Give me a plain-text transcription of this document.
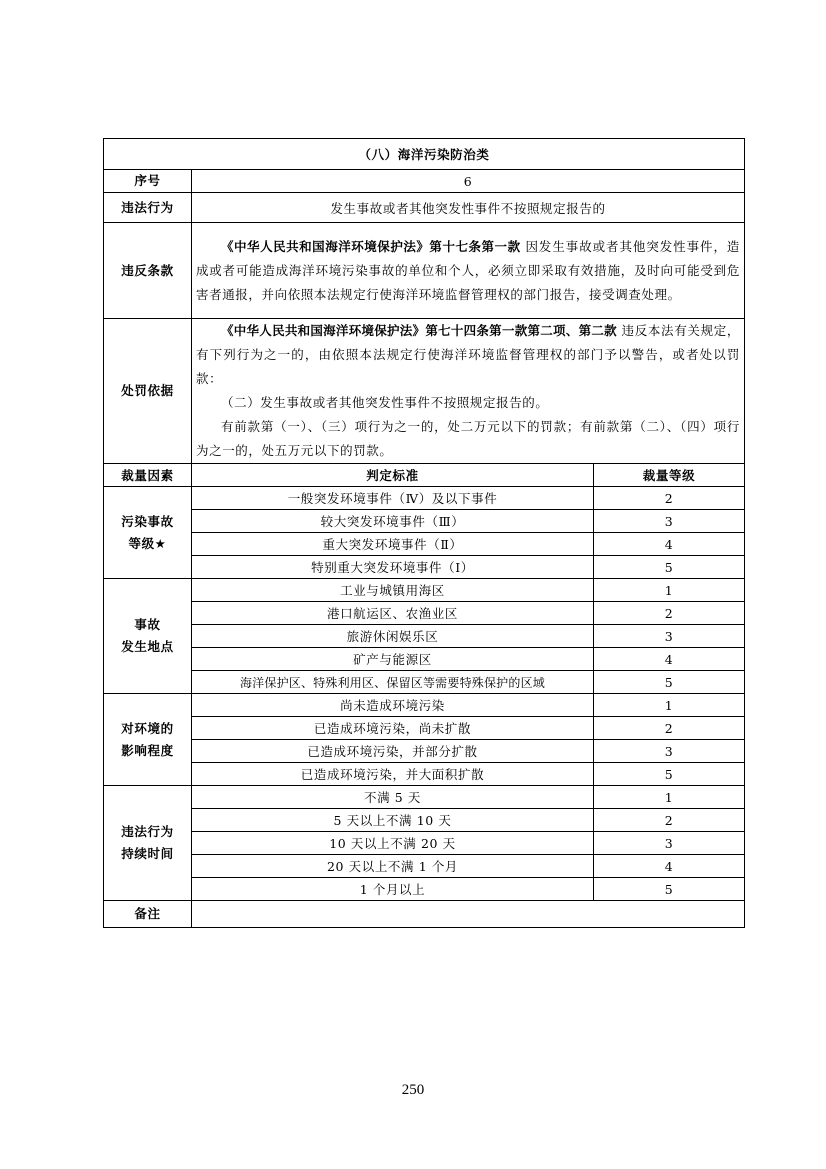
（八）海洋污染防治类		
序号	6	
违法行为	发生事故或者其他突发性事件不按照规定报告的	
违反条款	《中华人民共和国海洋环境保护法》第十七条第一款 因发生事故或者其他突发性事件，造成或者可能造成海洋环境污染事故的单位和个人，必须立即采取有效措施，及时向可能受到危害者通报，并向依照本法规定行使海洋环境监督管理权的部门报告，接受调查处理。	

处罚依据	《中华人民共和国海洋环境保护法》第七十四条第一款第二项、第二款 违反本法有关规定，有下列行为之一的，由依照本法规定行使海洋环境监督管理权的部门予以警告，或者处以罚款：

（二）发生事故或者其他突发性事件不按照规定报告的。

有前款第（一）、（三）项行为之一的，处二万元以下的罚款；有前款第（二）、（四）项行为之一的，处五万元以下的罚款。	

裁量因素	判定标准	裁量等级
污染事故
等级★	一般突发环境事件（Ⅳ）及以下事件	2
	较大突发环境事件（Ⅲ）	3
	重大突发环境事件（Ⅱ）	4
	特别重大突发环境事件（Ⅰ）	5
事故
发生地点	工业与城镇用海区	1
	港口航运区、农渔业区	2
	旅游休闲娱乐区	3
	矿产与能源区	4
	海洋保护区、特殊利用区、保留区等需要特殊保护的区域	5
对环境的
影响程度	尚未造成环境污染	1
	已造成环境污染，尚未扩散	2
	已造成环境污染，并部分扩散	3
	已造成环境污染，并大面积扩散	5
违法行为
持续时间	不满 5 天	1
	5 天以上不满 10 天	2
	10 天以上不满 20 天	3
	20 天以上不满 1 个月	4
	1 个月以上	5
备注		
250
